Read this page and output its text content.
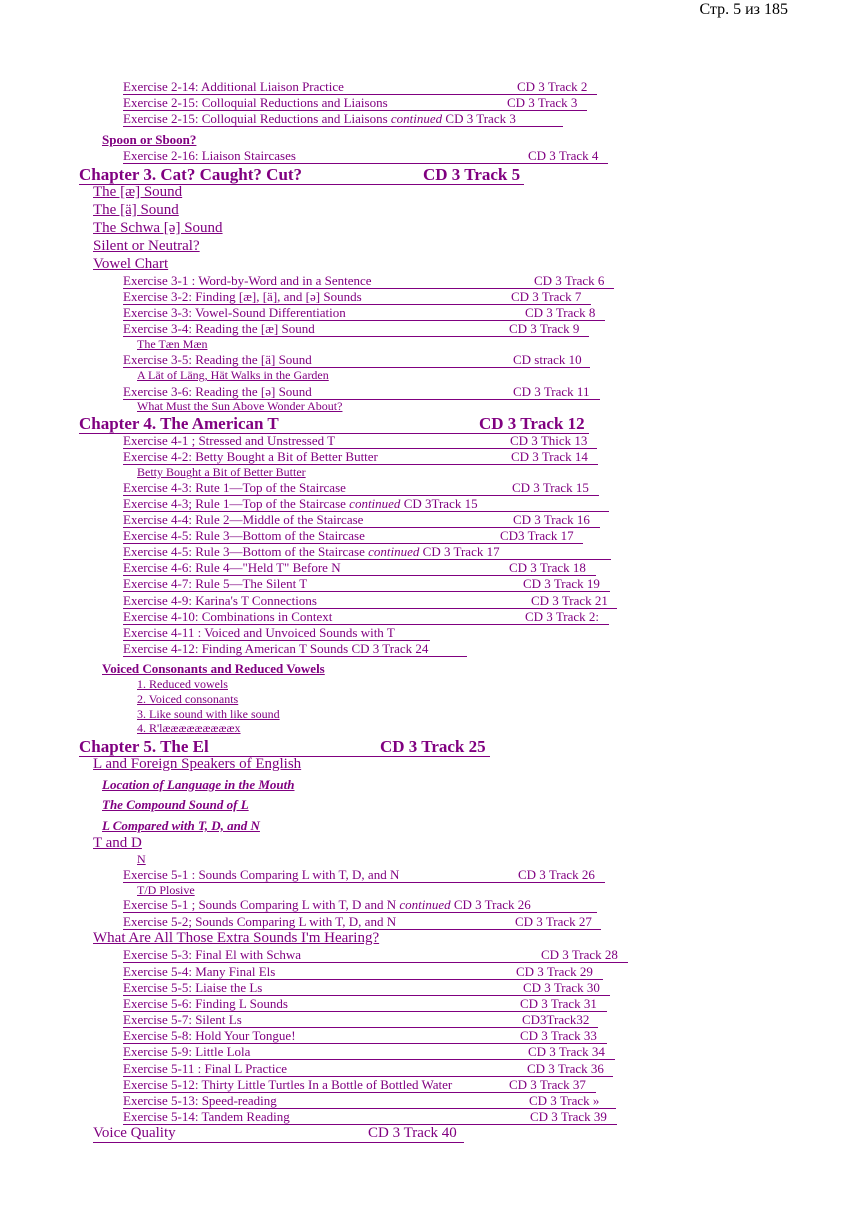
Стр. 5 из 185
Exercise 2-14: Additional Liaison Practice	CD 3 Track 2
Exercise 2-15: Colloquial Reductions and Liaisons	CD 3 Track 3
Exercise 2-15: Colloquial Reductions and Liaisons continued CD 3 Track 3
Spoon or Sboon?
Exercise 2-16: Liaison Staircases	CD 3 Track 4
Chapter 3. Cat? Caught? Cut?	CD 3 Track 5
The [æ] Sound
The [ä] Sound
The Schwa [ə] Sound
Silent or Neutral?
Vowel Chart
Exercise 3-1 : Word-by-Word and in a Sentence	CD 3 Track 6
Exercise 3-2: Finding [æ], [ä], and [ə] Sounds	CD 3 Track 7
Exercise 3-3: Vowel-Sound Differentiation	CD 3 Track 8
Exercise 3-4: Reading the [æ] Sound	CD 3 Track 9
The Tæn Mæn
Exercise 3-5: Reading the [ä] Sound	CD strack 10
A Lät of Läng, Hät Walks in the Garden
Exercise 3-6: Reading the [ə] Sound	CD 3 Track 11
What Must the Sun Above Wonder About?
Chapter 4. The American T	CD 3 Track 12
Exercise 4-1 ; Stressed and Unstressed T	CD 3 Thick 13
Exercise 4-2: Betty Bought a Bit of Better Butter	CD 3 Track 14
Betty Bought a Bit of Better Butter
Exercise 4-3: Rute 1—Top of the Staircase	CD 3 Track 15
Exercise 4-3; Rule 1—Top of the Staircase continued CD 3Track 15
Exercise 4-4: Rule 2—Middle of the Staircase	CD 3 Track 16
Exercise 4-5: Rule 3—Bottom of the Staircase	CD3 Track 17
Exercise 4-5: Rule 3—Bottom of the Staircase continued CD 3 Track 17
Exercise 4-6: Rule 4—"Held T" Before N	CD 3 Track 18
Exercise 4-7: Rule 5—The Silent T	CD 3 Track 19
Exercise 4-9: Karina's T Connections	CD 3 Track 21
Exercise 4-10: Combinations in Context	CD 3 Track 2:
Exercise 4-11 : Voiced and Unvoiced Sounds with T
Exercise 4-12: Finding American T Sounds CD 3 Track 24
Voiced Consonants and Reduced Vowels
1. Reduced vowels
2. Voiced consonants
3. Like sound with like sound
4. R'læææææææææx
Chapter 5. The El	CD 3 Track 25
L and Foreign Speakers of English
Location of Language in the Mouth
The Compound Sound of L
L Compared with T, D, and N
T and D
N
Exercise 5-1 : Sounds Comparing L with T, D, and N	CD 3 Track 26
T/D Plosive
Exercise 5-1 ; Sounds Comparing L with T, D and N continued CD 3 Track 26
Exercise 5-2; Sounds Comparing L with T, D, and N	CD 3 Track 27
What Are All Those Extra Sounds I'm Hearing?
Exercise 5-3: Final El with Schwa	CD 3 Track 28
Exercise 5-4: Many Final Els	CD 3 Track 29
Exercise 5-5: Liaise the Ls	CD 3 Track 30
Exercise 5-6: Finding L Sounds	CD 3 Track 31
Exercise 5-7: Silent Ls	CD3Track32
Exercise 5-8: Hold Your Tongue!	CD 3 Track 33
Exercise 5-9: Little Lola	CD 3 Track 34
Exercise 5-11 : Final L Practice	CD 3 Track 36
Exercise 5-12: Thirty Little Turtles In a Bottle of Bottled Water	CD 3 Track 37
Exercise 5-13: Speed-reading	CD 3 Track »
Exercise 5-14: Tandem Reading	CD 3 Track 39
Voice Quality	CD 3 Track 40
